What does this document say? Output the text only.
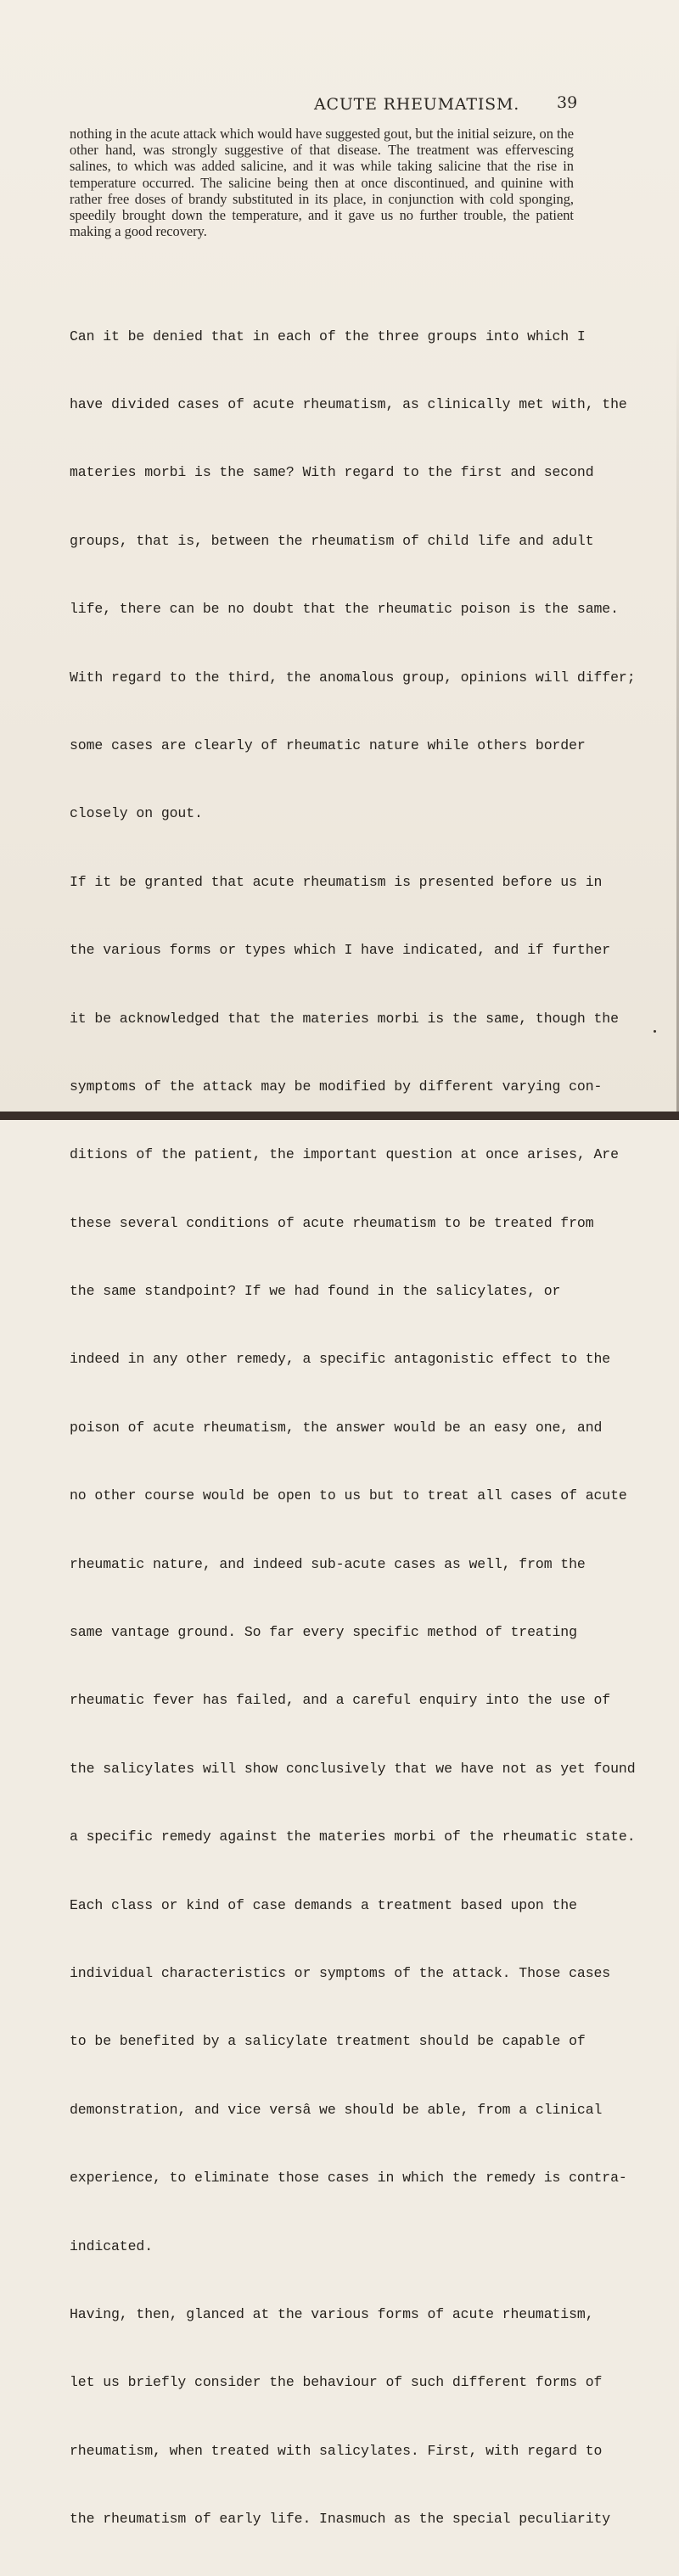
ACUTE RHEUMATISM. 39
nothing in the acute attack which would have suggested gout, but the initial seizure, on the other hand, was strongly suggestive of that disease. The treatment was effervescing salines, to which was added salicine, and it was while taking salicine that the rise in temperature occurred. The salicine being then at once discontinued, and quinine with rather free doses of brandy substituted in its place, in conjunction with cold sponging, speedily brought down the temperature, and it gave us no further trouble, the patient making a good recovery.

Can it be denied that in each of the three groups into which I

have divided cases of acute rheumatism, as clinically met with, the

materies morbi is the same? With regard to the first and second

groups, that is, between the rheumatism of child life and adult

life, there can be no doubt that the rheumatic poison is the same.

With regard to the third, the anomalous group, opinions will differ;

some cases are clearly of rheumatic nature while others border

closely on gout.

If it be granted that acute rheumatism is presented before us in

the various forms or types which I have indicated, and if further

it be acknowledged that the materies morbi is the same, though the

symptoms of the attack may be modified by different varying con-

ditions of the patient, the important question at once arises, Are

these several conditions of acute rheumatism to be treated from

the same standpoint? If we had found in the salicylates, or

indeed in any other remedy, a specific antagonistic effect to the

poison of acute rheumatism, the answer would be an easy one, and

no other course would be open to us but to treat all cases of acute

rheumatic nature, and indeed sub-acute cases as well, from the

same vantage ground. So far every specific method of treating

rheumatic fever has failed, and a careful enquiry into the use of

the salicylates will show conclusively that we have not as yet found

a specific remedy against the materies morbi of the rheumatic state.

Each class or kind of case demands a treatment based upon the

individual characteristics or symptoms of the attack. Those cases

to be benefited by a salicylate treatment should be capable of

demonstration, and vice versâ we should be able, from a clinical

experience, to eliminate those cases in which the remedy is contra-

indicated.

Having, then, glanced at the various forms of acute rheumatism,

let us briefly consider the behaviour of such different forms of

rheumatism, when treated with salicylates. First, with regard to

the rheumatism of early life. Inasmuch as the special peculiarity
